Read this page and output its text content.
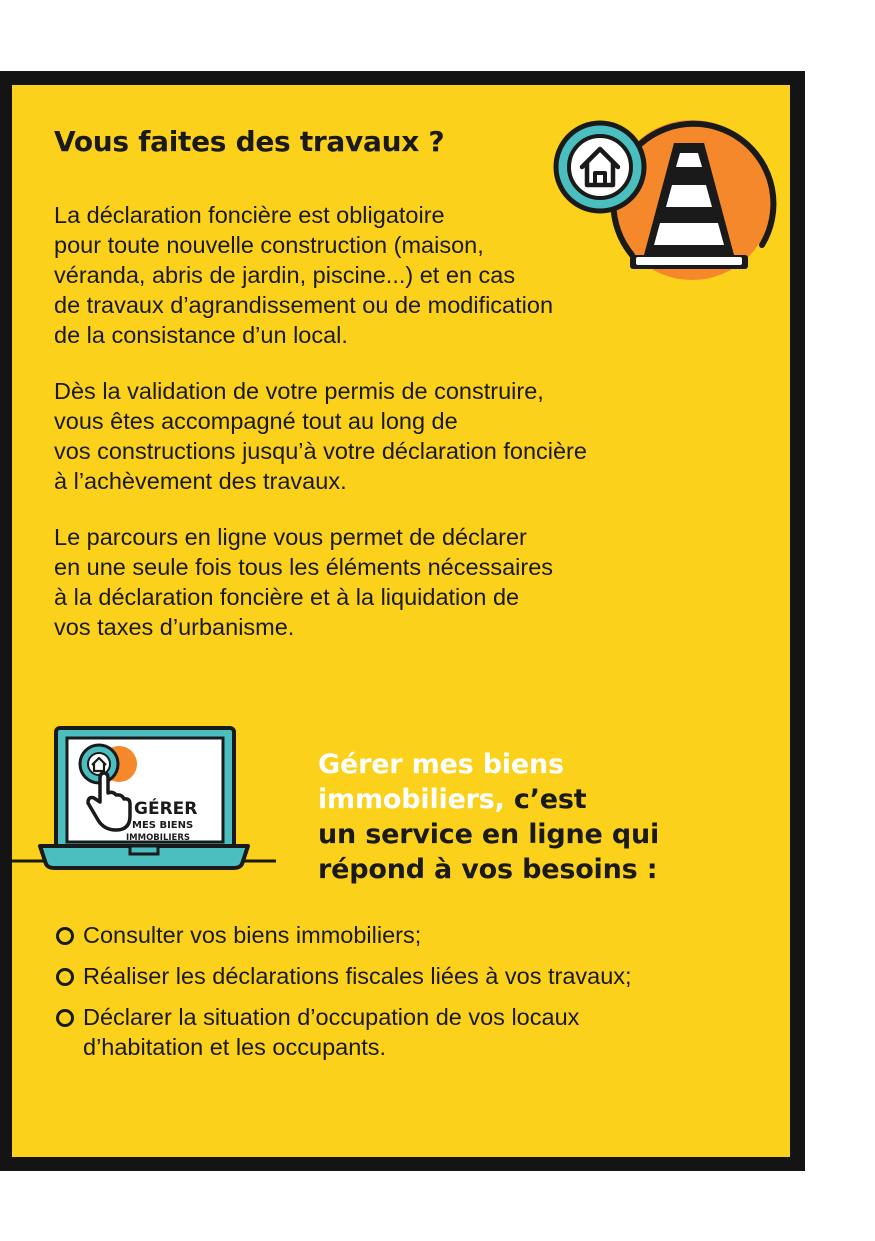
Vous faites des travaux ?

La déclaration foncière est obligatoire
pour toute nouvelle construction (maison,
véranda, abris de jardin, piscine...) et en cas
de travaux d’agrandissement ou de modification
de la consistance d’un local.

Dès la validation de votre permis de construire,
vous êtes accompagné tout au long de
vos constructions jusqu’à votre déclaration foncière
à l’achèvement des travaux.

Le parcours en ligne vous permet de déclarer
en une seule fois tous les éléments nécessaires
à la déclaration foncière et à la liquidation de
vos taxes d’urbanisme.

GÉRER
MES BIENS
IMMOBILIERS

Gérer mes biens
immobiliers, c’est
un service en ligne qui
répond à vos besoins :

Consulter vos biens immobiliers;
Réaliser les déclarations fiscales liées à vos travaux;
Déclarer la situation d’occupation de vos locaux
d’habitation et les occupants.
